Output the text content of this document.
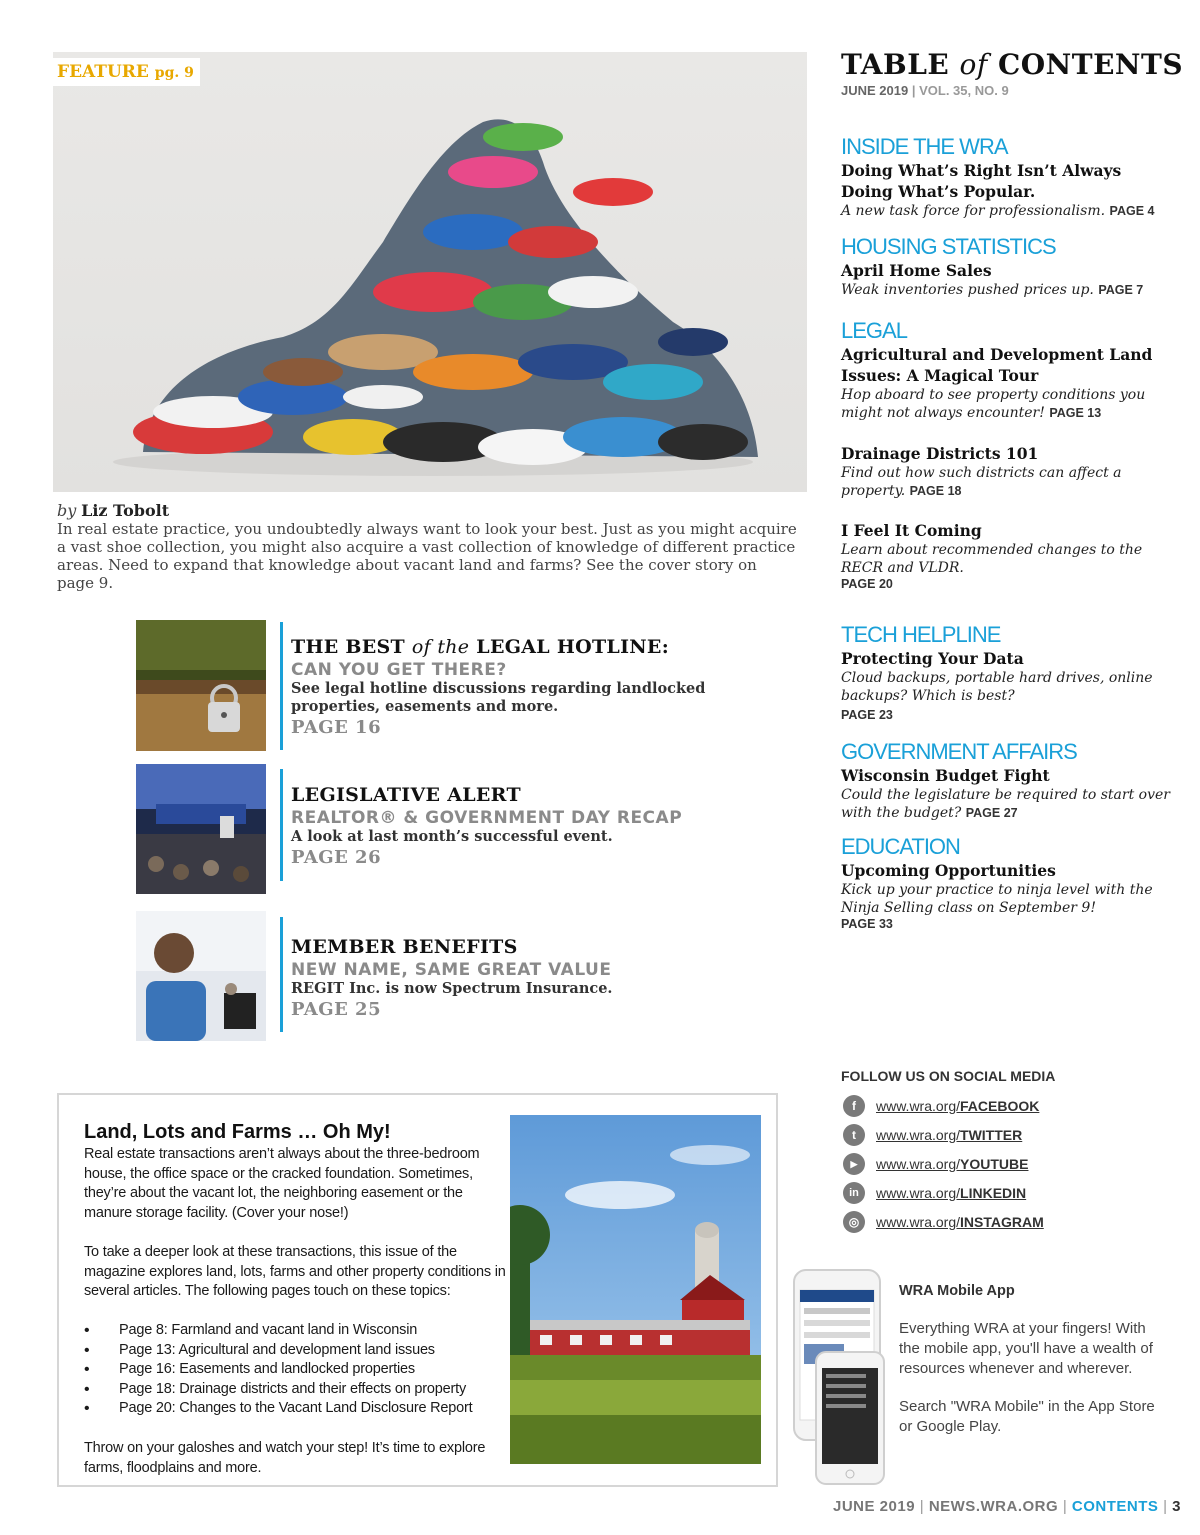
FEATURE pg. 9
by Liz Tobolt
In real estate practice, you undoubtedly always want to look your best. Just as you might acquire a vast shoe collection, you might also acquire a vast collection of knowledge of different practice areas. Need to expand that knowledge about vacant land and farms? See the cover story on page 9.
THE BEST of the LEGAL HOTLINE:
CAN YOU GET THERE?
See legal hotline discussions regarding landlocked properties, easements and more.
PAGE 16
LEGISLATIVE ALERT
REALTOR® & GOVERNMENT DAY RECAP
A look at last month’s successful event.
PAGE 26
MEMBER BENEFITS
NEW NAME, SAME GREAT VALUE
REGIT Inc. is now Spectrum Insurance.
PAGE 25
TABLE of CONTENTS
JUNE 2019 | VOL. 35, NO. 9
INSIDE THE WRA
Doing What’s Right Isn’t Always Doing What’s Popular.
A new task force for professionalism. PAGE 4
HOUSING STATISTICS
April Home Sales
Weak inventories pushed prices up. PAGE 7
LEGAL
Agricultural and Development Land Issues: A Magical Tour
Hop aboard to see property conditions you might not always encounter! PAGE 13
Drainage Districts 101
Find out how such districts can affect a property. PAGE 18
I Feel It Coming
Learn about recommended changes to the RECR and VLDR.
PAGE 20
TECH HELPLINE
Protecting Your Data
Cloud backups, portable hard drives, online backups? Which is best?
PAGE 23
GOVERNMENT AFFAIRS
Wisconsin Budget Fight
Could the legislature be required to start over with the budget? PAGE 27
EDUCATION
Upcoming Opportunities
Kick up your practice to ninja level with the Ninja Selling class on September 9!
PAGE 33
FOLLOW US ON SOCIAL MEDIA
f	www.wra.org/FACEBOOK
t	www.wra.org/TWITTER
▶	www.wra.org/YOUTUBE
in	www.wra.org/LINKEDIN
◎	www.wra.org/INSTAGRAM
WRA Mobile App
Everything WRA at your fingers! With the mobile app, you'll have a wealth of resources whenever and wherever.
Search "WRA Mobile" in the App Store or Google Play.
Land, Lots and Farms … Oh My!
Real estate transactions aren’t always about the three-bedroom house, the office space or the cracked foundation. Sometimes, they’re about the vacant lot, the neighboring easement or the manure storage facility. (Cover your nose!)
To take a deeper look at these transactions, this issue of the magazine explores land, lots, farms and other property conditions in several articles. The following pages touch on these topics:
• Page 8: Farmland and vacant land in Wisconsin
• Page 13: Agricultural and development land issues
• Page 16: Easements and landlocked properties
• Page 18: Drainage districts and their effects on property
• Page 20: Changes to the Vacant Land Disclosure Report
Throw on your galoshes and watch your step! It’s time to explore farms, floodplains and more.
JUNE 2019 | NEWS.WRA.ORG | CONTENTS | 3
